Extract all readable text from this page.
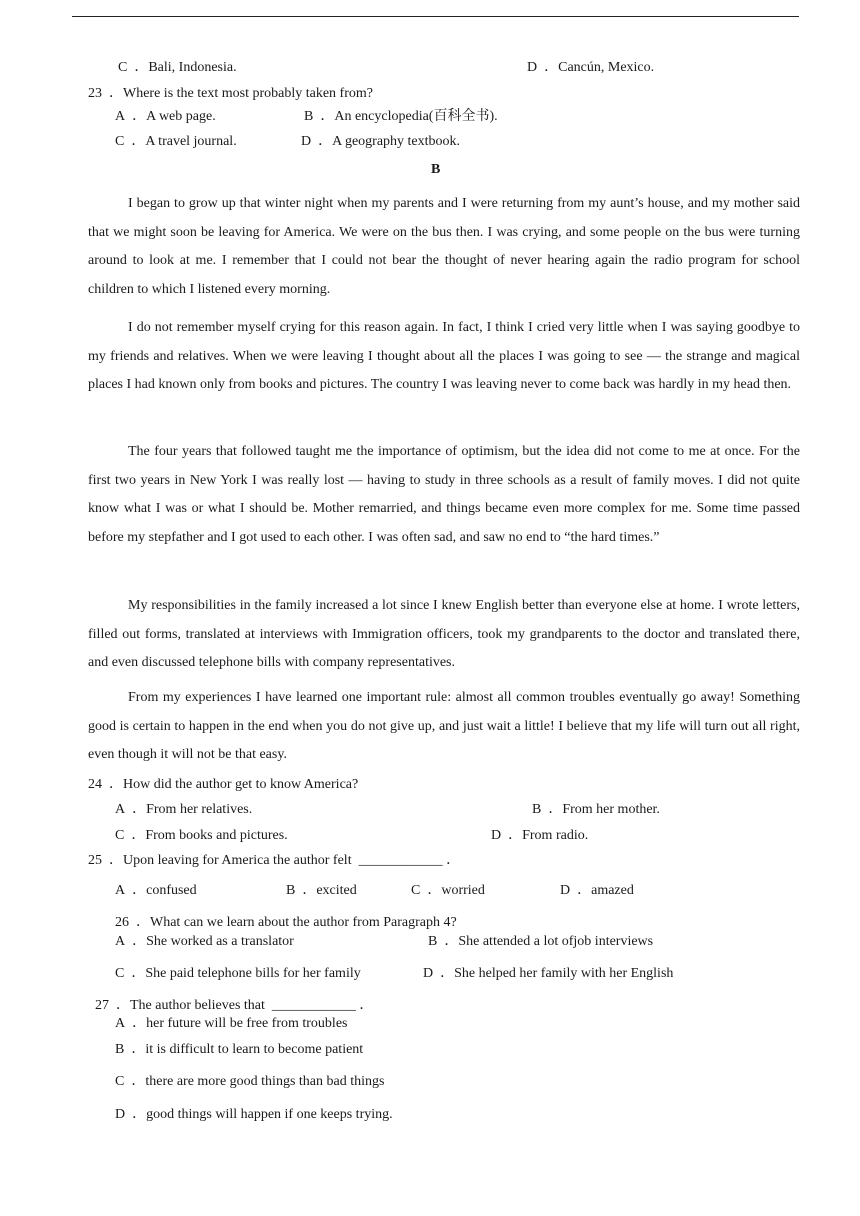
C  ．Bali, Indonesia.	D  ．Cancún, Mexico.
23  ．Where is the text most probably taken from?
A  ．A web page.	B  ．An encyclopedia(百科全书).
C  ．A travel journal.	D  ．A geography textbook.
B

I began to grow up that winter night when my parents and I were returning from my aunt’s house, and my mother said that we might soon be leaving for America. We were on the bus then. I was crying, and some people on the bus were turning around to look at me. I remember that I could not bear the thought of never hearing again the radio program for school children to which I listened every morning.

I do not remember myself crying for this reason again. In fact, I think I cried very little when I was saying goodbye to my friends and relatives. When we were leaving I thought about all the places I was going to see — the strange and magical places I had known only from books and pictures. The country I was leaving never to come back was hardly in my head then.

The four years that followed taught me the importance of optimism, but the idea did not come to me at once. For the first two years in New York I was really lost — having to study in three schools as a result of family moves. I did not quite know what I was or what I should be. Mother remarried, and things became even more complex for me. Some time passed before my stepfather and I got used to each other. I was often sad, and saw no end to “the hard times.”

My responsibilities in the family increased a lot since I knew English better than everyone else at home. I wrote letters, filled out forms, translated at interviews with Immigration officers, took my grandparents to the doctor and translated there, and even discussed telephone bills with company representatives.

From my experiences I have learned one important rule: almost all common troubles eventually go away! Something good is certain to happen in the end when you do not give up, and just wait a little! I believe that my life will turn out all right, even though it will not be that easy.

24  ．How did the author get to know America?
A  ．From her relatives.	B  ．From her mother.
C  ．From books and pictures.	D  ．From radio.
25  ．Upon leaving for America the author felt  ____________ ．
A  ．confused	B  ．excited	C  ．worried	D  ．amazed
26  ．What can we learn about the author from Paragraph 4?
A  ．She worked as a translator	B  ．She attended a lot ofjob interviews
C  ．She paid telephone bills for her family	D  ．She helped her family with her English
27  ．The author believes that  ____________ ．
A  ．her future will be free from troubles
B  ．it is difficult to learn to become patient
C  ．there are more good things than bad things
D  ．good things will happen if one keeps trying.
